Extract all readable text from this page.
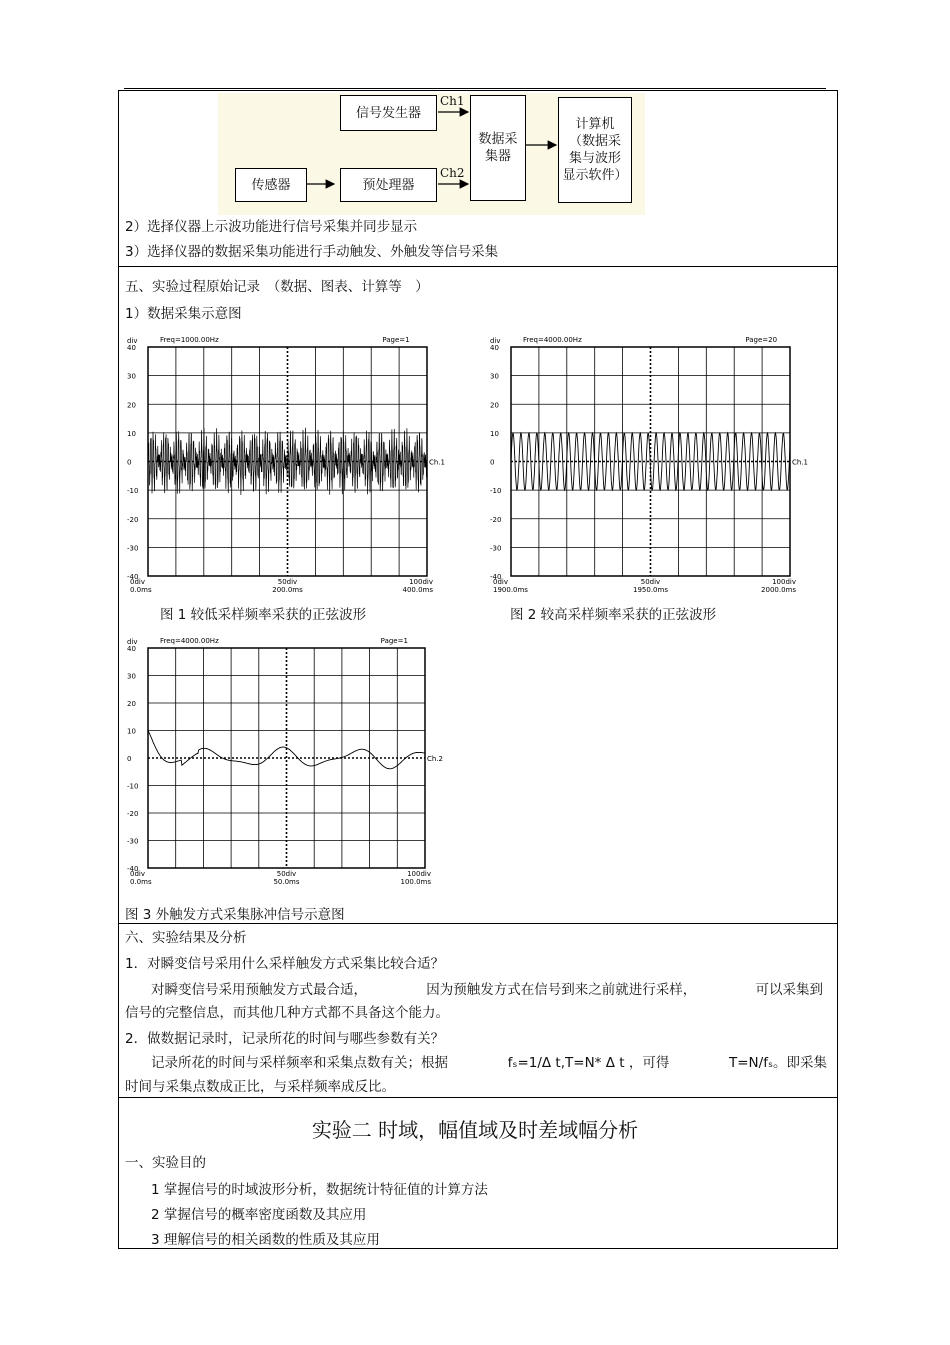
信号发生器
传感器	预处理器
数据采
集器
计算机
（数据采
集与波形
显示软件）
Ch1
Ch2
2）选择仪器上示波功能进行信号采集并同步显示
3）选择仪器的数据采集功能进行手动触发、外触发等信号采集
五、实验过程原始记录　（数据、图表、计算等　）
1）数据采集示意图
40
30
20
10
0
-10
-20
-30
-40
div	Freq=1000.00Hz	Page=1
Ch.1
0div
0.0ms
50div
200.0ms
100div
400.0ms
40
30
20
10
0
-10
-20
-30
-40
div	Freq=4000.00Hz	Page=20
Ch.1
0div
1900.0ms
50div
1950.0ms
100div
2000.0ms
40
30
20
10
0
-10
-20
-30
-40
div	Freq=4000.00Hz	Page=1
Ch.2
0div
0.0ms
50div
50.0ms
100div
100.0ms
图 1 较低采样频率采获的正弦波形	图 2 较高采样频率采获的正弦波形
图 3 外触发方式采集脉冲信号示意图
六、实验结果及分析
1．对瞬变信号采用什么采样触发方式采集比较合适？
对瞬变信号采用预触发方式最合适，	因为预触发方式在信号到来之前就进行采样，	可以采集到
信号的完整信息，而其他几种方式都不具备这个能力。
2．做数据记录时，记录所花的时间与哪些参数有关？
记录所花的时间与采样频率和采集点数有关；根据	fₛ=1/Δ t,T=N* Δ t ，可得	T=N/fₛ。即采集
时间与采集点数成正比，与采样频率成反比。
实验二 时域，幅值域及时差域幅分析
一、实验目的
1 掌握信号的时域波形分析，数据统计特征值的计算方法
2 掌握信号的概率密度函数及其应用
3 理解信号的相关函数的性质及其应用
